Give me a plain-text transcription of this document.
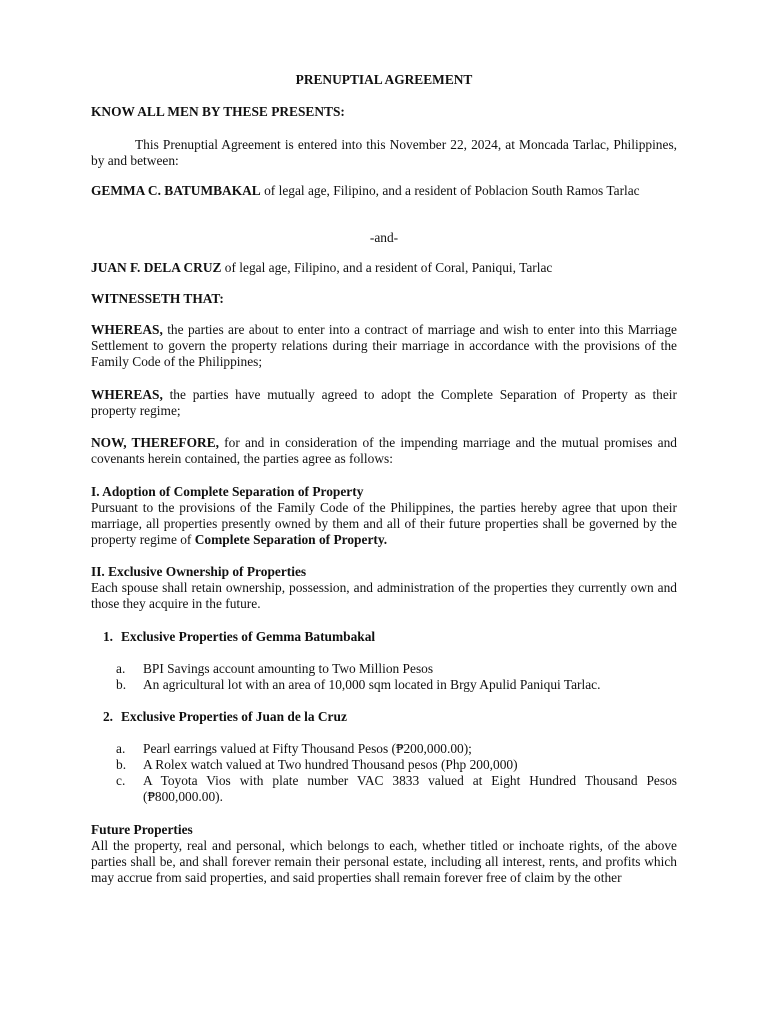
PRENUPTIAL AGREEMENT

KNOW ALL MEN BY THESE PRESENTS:

This Prenuptial Agreement is entered into this November 22, 2024, at Moncada Tarlac, Philippines, by and between:

GEMMA C. BATUMBAKAL of legal age, Filipino, and a resident of Poblacion South Ramos Tarlac

-and-

JUAN F. DELA CRUZ of legal age, Filipino, and a resident of Coral, Paniqui, Tarlac

WITNESSETH THAT:

WHEREAS, the parties are about to enter into a contract of marriage and wish to enter into this Marriage Settlement to govern the property relations during their marriage in accordance with the provisions of the Family Code of the Philippines;

WHEREAS, the parties have mutually agreed to adopt the Complete Separation of Property as their property regime;

NOW, THEREFORE, for and in consideration of the impending marriage and the mutual promises and covenants herein contained, the parties agree as follows:

I. Adoption of Complete Separation of Property

Pursuant to the provisions of the Family Code of the Philippines, the parties hereby agree that upon their marriage, all properties presently owned by them and all of their future properties shall be governed by the property regime of Complete Separation of Property.

II. Exclusive Ownership of Properties

Each spouse shall retain ownership, possession, and administration of the properties they currently own and those they acquire in the future.

1. Exclusive Properties of Gemma Batumbakal
a.	BPI Savings account amounting to Two Million Pesos
b.	An agricultural lot with an area of 10,000 sqm located in Brgy Apulid Paniqui Tarlac.
2. Exclusive Properties of Juan de la Cruz
a.	Pearl earrings valued at Fifty Thousand Pesos (₱200,000.00);
b.	A Rolex watch valued at Two hundred Thousand pesos (Php 200,000)
c.	A Toyota Vios with plate number VAC 3833 valued at Eight Hundred Thousand Pesos (₱800,000.00).

Future Properties

All the property, real and personal, which belongs to each, whether titled or inchoate rights, of the above parties shall be, and shall forever remain their personal estate, including all interest, rents, and profits which may accrue from said properties, and said properties shall remain forever free of claim by the other
